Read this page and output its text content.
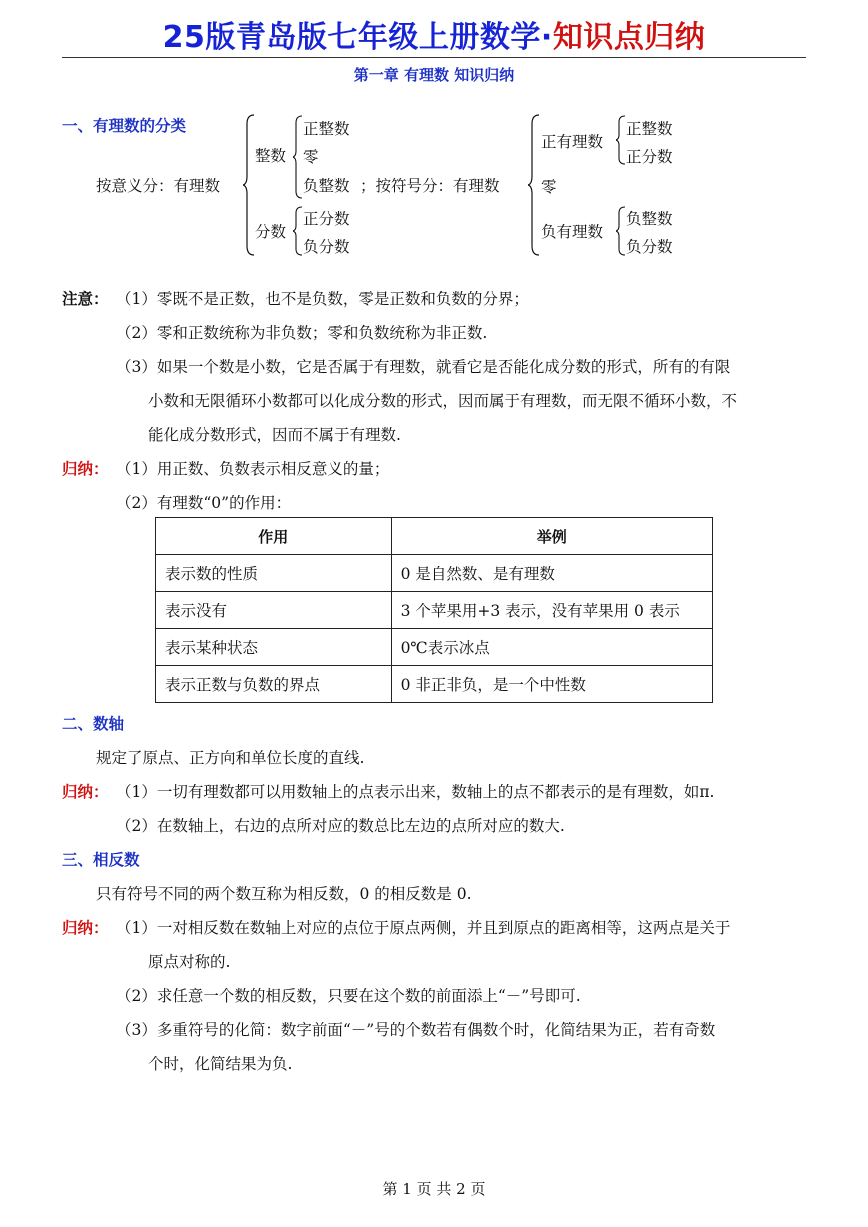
25版青岛版七年级上册数学·知识点归纳
第一章 有理数 知识归纳
一、有理数的分类
按意义分：有理数
整数
正整数
零
负整数
分数
正分数
负分数
；按符号分：有理数
正有理数
正整数
正分数
零
负有理数
负整数
负分数
注意： （1）零既不是正数，也不是负数，零是正数和负数的分界；
（2）零和正数统称为非负数；零和负数统称为非正数.
（3）如果一个数是小数，它是否属于有理数，就看它是否能化成分数的形式，所有的有限
小数和无限循环小数都可以化成分数的形式，因而属于有理数，而无限不循环小数，不
能化成分数形式，因而不属于有理数.
归纳： （1）用正数、负数表示相反意义的量；
（2）有理数“0”的作用：
作用	举例
表示数的性质	0 是自然数、是有理数
表示没有	3 个苹果用+3 表示，没有苹果用 0 表示
表示某种状态	0℃表示冰点
表示正数与负数的界点	0 非正非负，是一个中性数
二、数轴
规定了原点、正方向和单位长度的直线.
归纳： （1）一切有理数都可以用数轴上的点表示出来，数轴上的点不都表示的是有理数，如π.
（2）在数轴上，右边的点所对应的数总比左边的点所对应的数大.
三、相反数
只有符号不同的两个数互称为相反数，0 的相反数是 0.
归纳： （1）一对相反数在数轴上对应的点位于原点两侧，并且到原点的距离相等，这两点是关于
原点对称的.
（2）求任意一个数的相反数，只要在这个数的前面添上“－”号即可.
（3）多重符号的化简：数字前面“－”号的个数若有偶数个时，化简结果为正，若有奇数
个时，化简结果为负.
第 1 页 共 2 页
